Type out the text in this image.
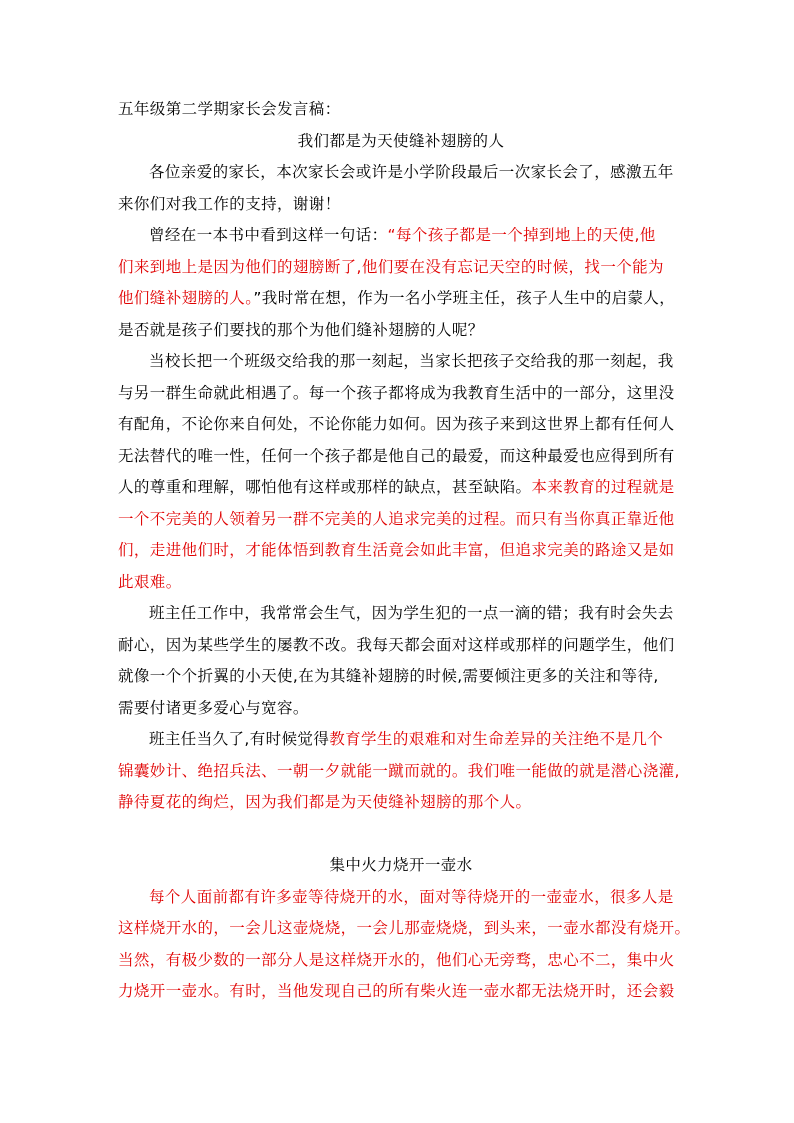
五年级第二学期家长会发言稿：
我们都是为天使缝补翅膀的人
各位亲爱的家长，本次家长会或许是小学阶段最后一次家长会了，感激五年
来你们对我工作的支持，谢谢！
曾经在一本书中看到这样一句话：“每个孩子都是一个掉到地上的天使,他
们来到地上是因为他们的翅膀断了,他们要在没有忘记天空的时候，找一个能为
他们缝补翅膀的人。”我时常在想，作为一名小学班主任，孩子人生中的启蒙人，
是否就是孩子们要找的那个为他们缝补翅膀的人呢？
当校长把一个班级交给我的那一刻起，当家长把孩子交给我的那一刻起，我
与另一群生命就此相遇了。每一个孩子都将成为我教育生活中的一部分，这里没
有配角，不论你来自何处，不论你能力如何。因为孩子来到这世界上都有任何人
无法替代的唯一性，任何一个孩子都是他自己的最爱，而这种最爱也应得到所有
人的尊重和理解，哪怕他有这样或那样的缺点，甚至缺陷。本来教育的过程就是
一个不完美的人领着另一群不完美的人追求完美的过程。而只有当你真正靠近他
们，走进他们时，才能体悟到教育生活竟会如此丰富，但追求完美的路途又是如
此艰难。
班主任工作中，我常常会生气，因为学生犯的一点一滴的错；我有时会失去
耐心，因为某些学生的屡教不改。我每天都会面对这样或那样的问题学生，他们
就像一个个折翼的小天使,在为其缝补翅膀的时候,需要倾注更多的关注和等待,
需要付诸更多爱心与宽容。
班主任当久了,有时候觉得教育学生的艰难和对生命差异的关注绝不是几个
锦囊妙计、绝招兵法、一朝一夕就能一蹴而就的。我们唯一能做的就是潜心浇灌,
静待夏花的绚烂，因为我们都是为天使缝补翅膀的那个人。
集中火力烧开一壶水
每个人面前都有许多壶等待烧开的水，面对等待烧开的一壶壶水，很多人是
这样烧开水的，一会儿这壶烧烧，一会儿那壶烧烧，到头来，一壶水都没有烧开。
当然，有极少数的一部分人是这样烧开水的，他们心无旁骛，忠心不二，集中火
力烧开一壶水。有时，当他发现自己的所有柴火连一壶水都无法烧开时，还会毅
